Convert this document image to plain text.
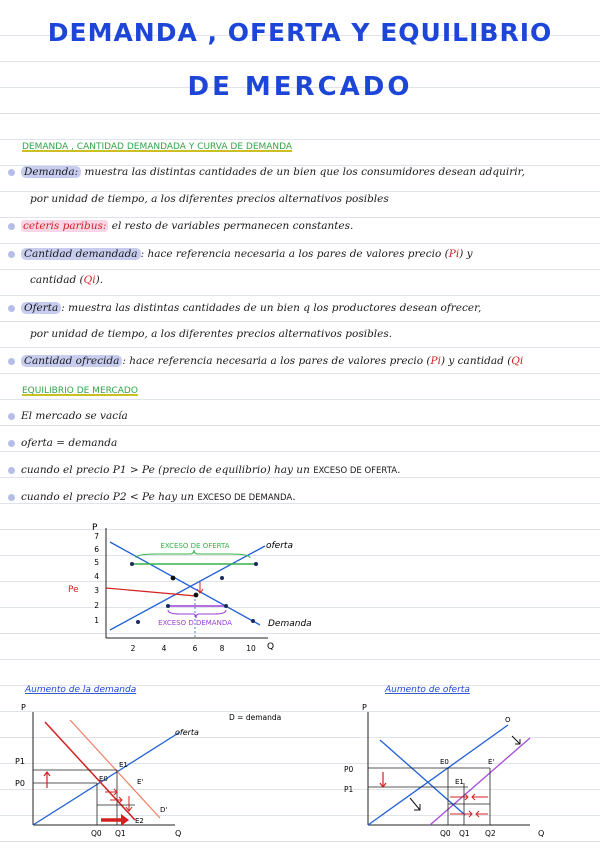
DEMANDA , OFERTA Y EQUILIBRIO
DE MERCADO

DEMANDA , CANTIDAD DEMANDADA Y CURVA DE DEMANDA

Demanda: muestra las distintas cantidades de un bien que los consumidores desean adquirir,
por unidad de tiempo, a los diferentes precios alternativos posibles
ceteris paribus: el resto de variables permanecen constantes.
Cantidad demandada : hace referencia necesaria a los pares de valores precio (Pi) y
cantidad (Qi).
Oferta : muestra las distintas cantidades de un bien q los productores desean ofrecer,
por unidad de tiempo, a los diferentes precios alternativos posibles.
Cantidad ofrecida : hace referencia necesaria a los pares de valores precio (Pi) y cantidad (Qi

EQUILIBRIO DE MERCADO

El mercado se vacía
oferta = demanda
cuando el precio P1 > Pe (precio de equilibrio) hay un EXCESO DE OFERTA.
cuando el precio P2 < Pe hay un EXCESO DE DEMANDA.
P
Q
1
2
3
4
5
6
7
2	4	6	8	10
EXCESO DE OFERTA
EXCESO D DEMANDA
Pe
oferta
Demanda
Aumento de la demanda
D = demanda
P
Q
oferta
D'
P1
P0
E1
E0	E'
E2
Q0 Q1
Aumento de oferta
P
Q
O
P0
P1
E0
E1
E'
Q0 Q1 Q2
